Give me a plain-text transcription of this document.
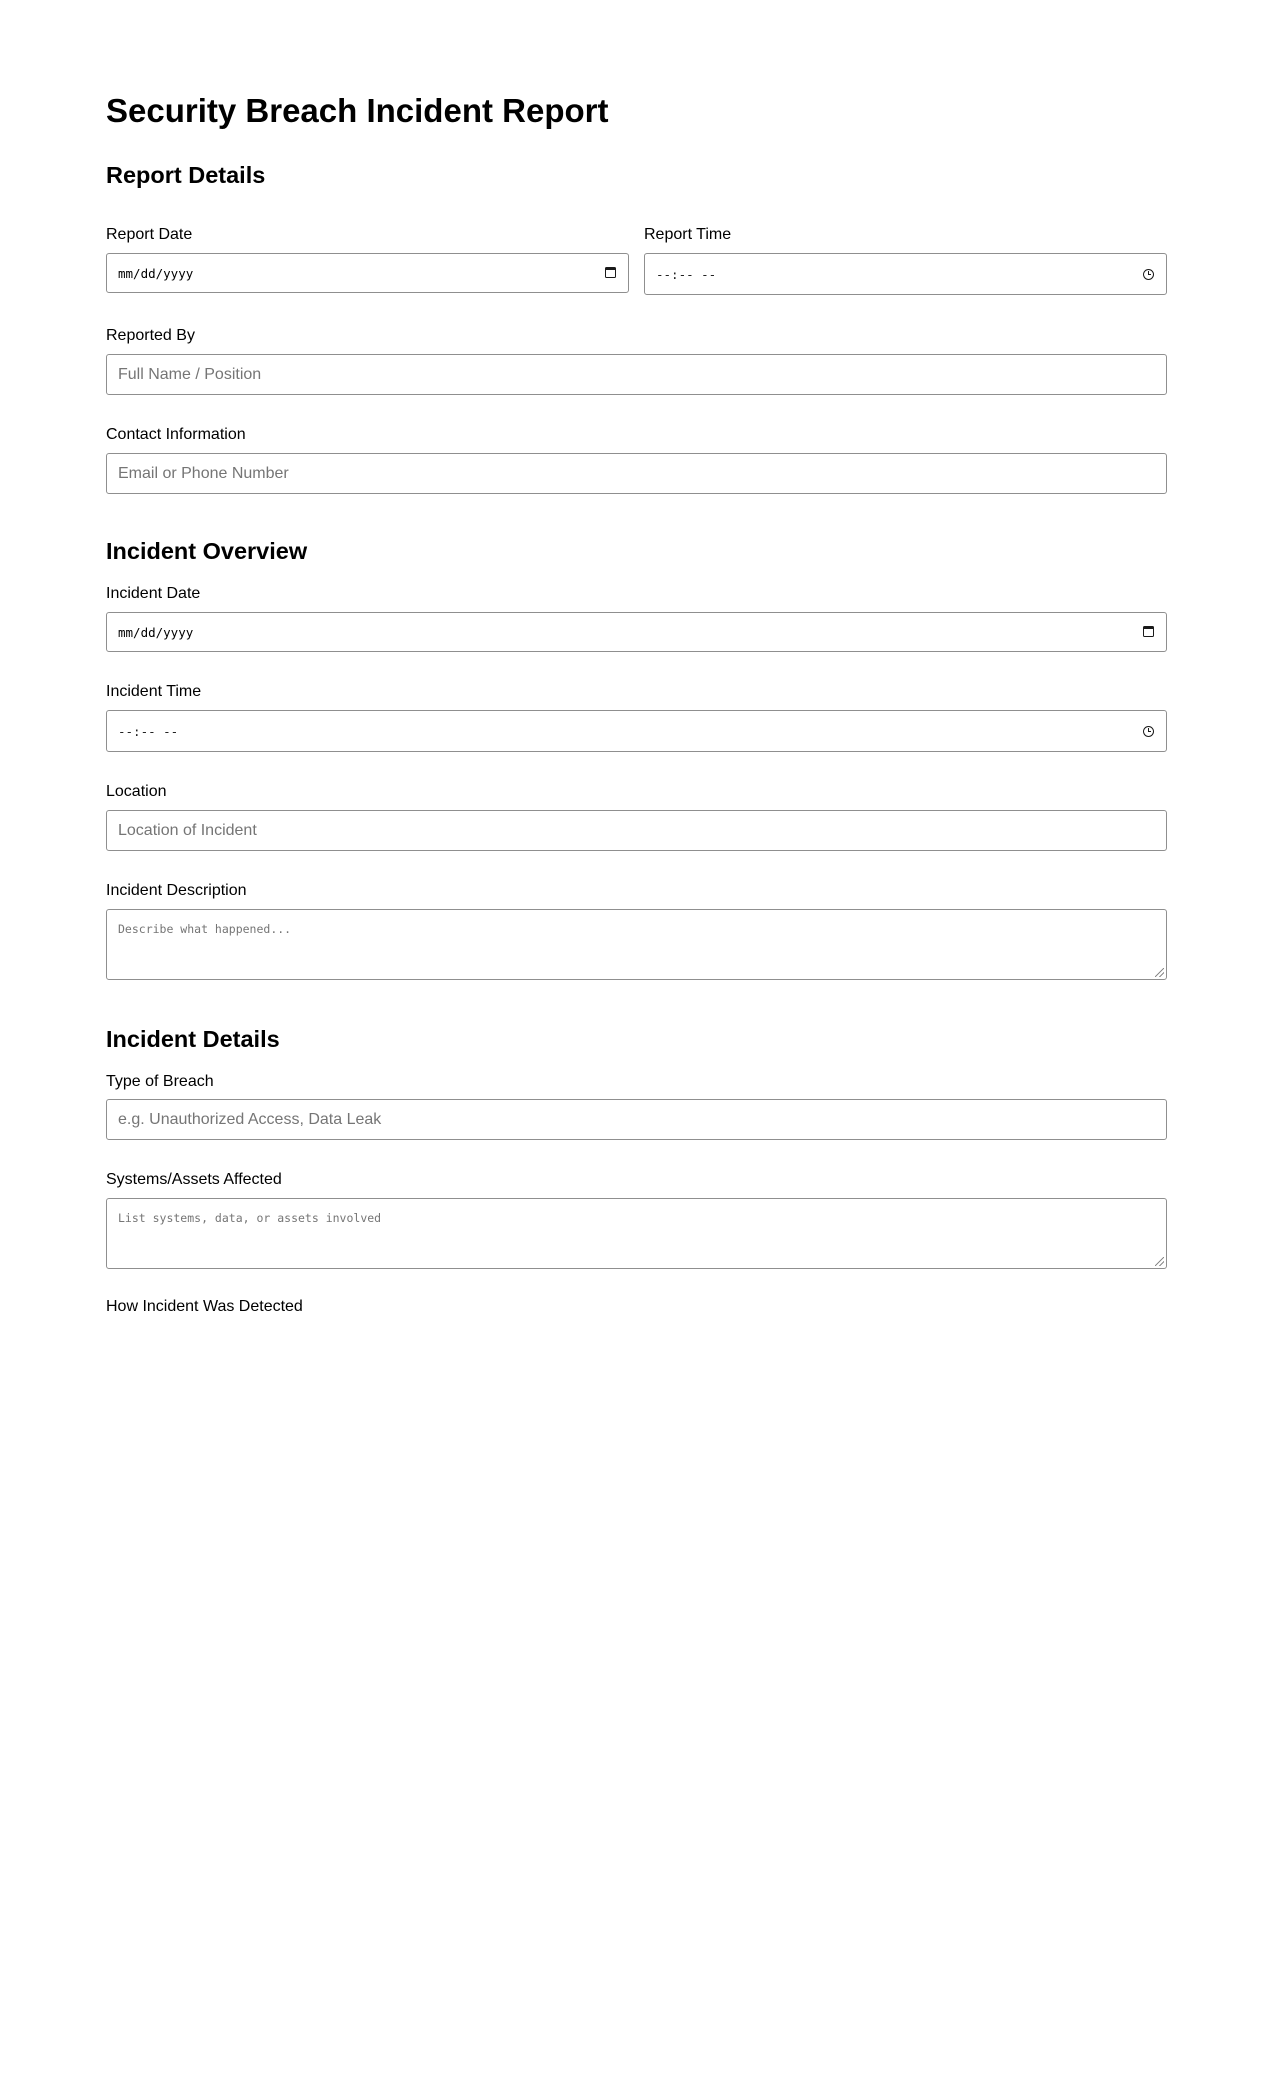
Security Breach Incident Report
Report Details
Report Date
mm/dd/yyyy
Report Time
--:-- --
Reported By
Full Name / Position
Contact Information
Email or Phone Number
Incident Overview
Incident Date
mm/dd/yyyy
Incident Time
--:-- --
Location
Location of Incident
Incident Description
Describe what happened...
Incident Details
Type of Breach
e.g. Unauthorized Access, Data Leak
Systems/Assets Affected
List systems, data, or assets involved
How Incident Was Detected
